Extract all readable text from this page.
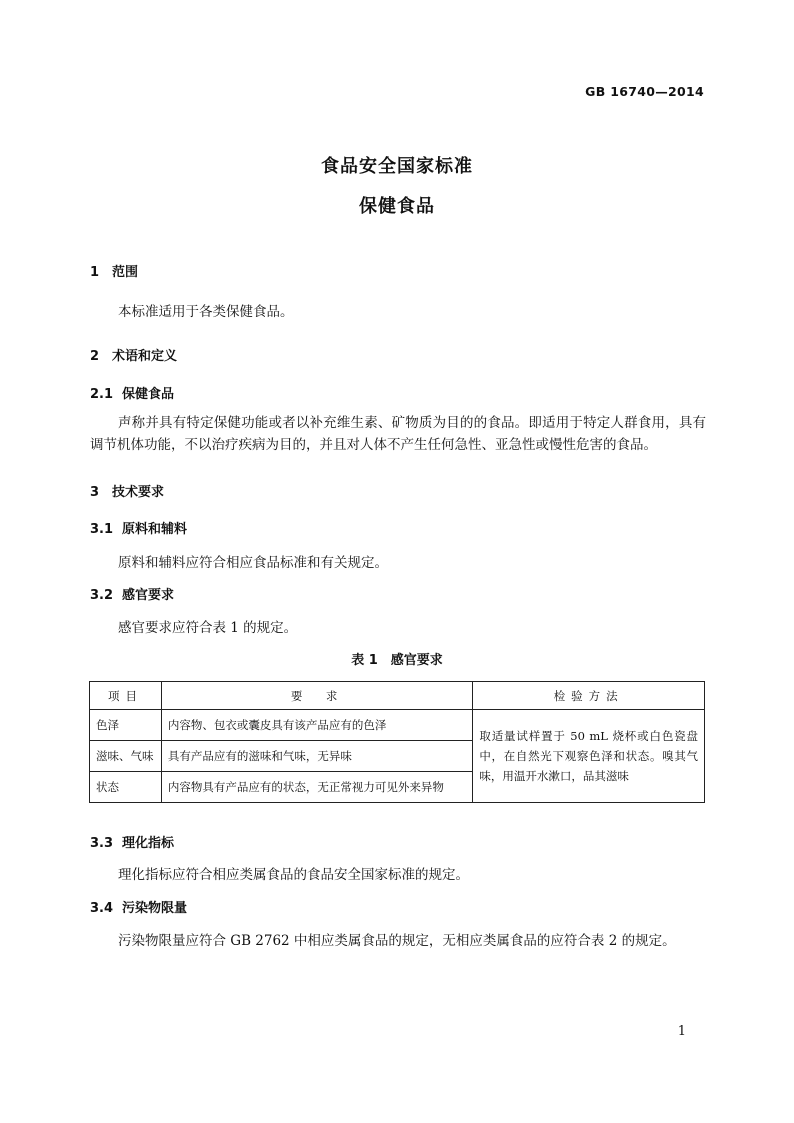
GB 16740—2014
食品安全国家标准
保健食品
1 范围
本标准适用于各类保健食品。
2 术语和定义
2.1 保健食品
声称并具有特定保健功能或者以补充维生素、矿物质为目的的食品。即适用于特定人群食用，具有调节机体功能，不以治疗疾病为目的，并且对人体不产生任何急性、亚急性或慢性危害的食品。
3 技术要求
3.1 原料和辅料
原料和辅料应符合相应食品标准和有关规定。
3.2 感官要求
感官要求应符合表 1 的规定。
表 1　感官要求
项目	要　求	检验方法
色泽	内容物、包衣或囊皮具有该产品应有的色泽	取适量试样置于 50 mL 烧杯或白色瓷盘中，在自然光下观察色泽和状态。嗅其气味，用温开水漱口，品其滋味
滋味、气味	具有产品应有的滋味和气味，无异味	
状态	内容物具有产品应有的状态，无正常视力可见外来异物	
3.3 理化指标
理化指标应符合相应类属食品的食品安全国家标准的规定。
3.4 污染物限量
污染物限量应符合 GB 2762 中相应类属食品的规定，无相应类属食品的应符合表 2 的规定。
1
